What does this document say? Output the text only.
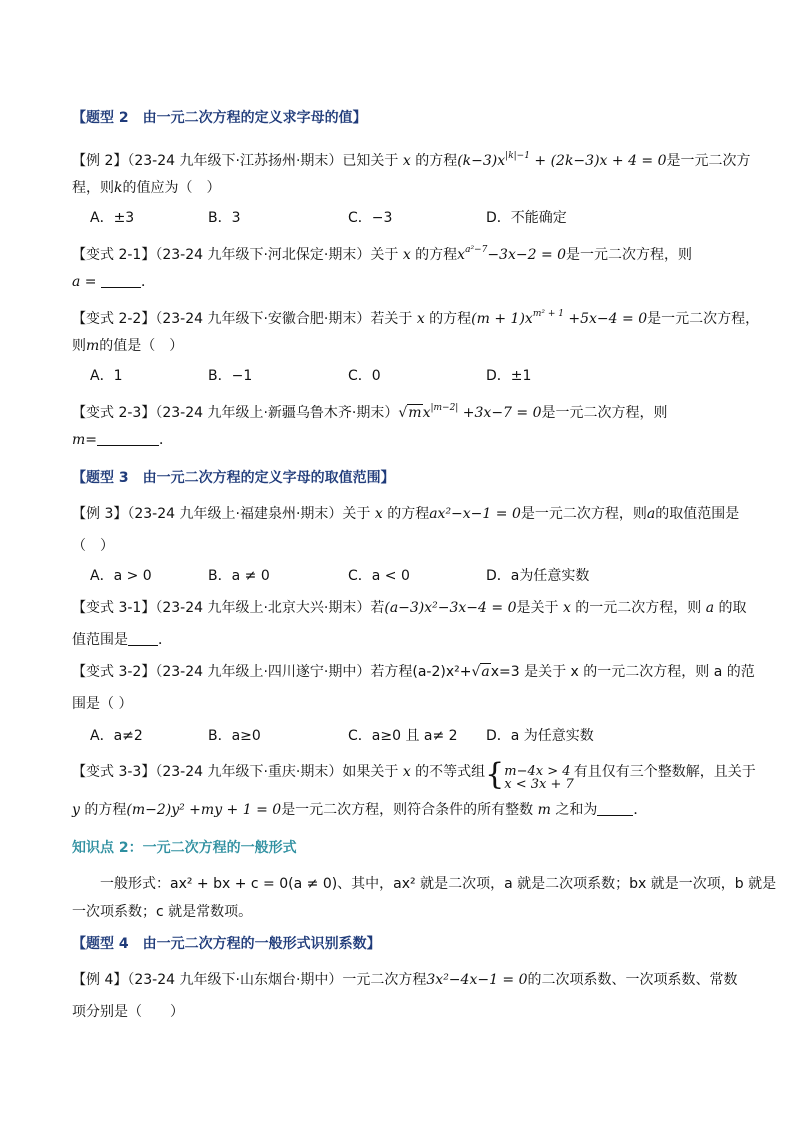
【题型 2　由一元二次方程的定义求字母的值】
【例 2】（23-24 九年级下·江苏扬州·期末）已知关于 x 的方程$(k-3)x^{|k|-1} + (2k-3)x + 4 = 0$是一元二次方
程，则k的值应为（　）
A．±3	B．3	C．−3	D．不能确定
【变式 2-1】（23-24 九年级下·河北保定·期末）关于 x 的方程$x^{a^2-7}-3x-2 = 0$是一元二次方程，则
a =	．
【变式 2-2】（23-24 九年级下·安徽合肥·期末）若关于 x 的方程$(m + 1)x^{m^2 + 1} +5x-4 = 0$是一元二次方程，
则m的值是（　）
A．1	B．−1	C．0	D．±1
【变式 2-3】（23-24 九年级上·新疆乌鲁木齐·期末）$√mx^{|m-2|} +3x-7 = 0$是一元二次方程，则
m=	．
【题型 3　由一元二次方程的定义字母的取值范围】
【例 3】（23-24 九年级上·福建泉州·期末）关于 x 的方程ax²−x−1 = 0是一元二次方程，则a的取值范围是
（　）
A．a > 0	B．a ≠ 0	C．a < 0	D．a为任意实数
【变式 3-1】（23-24 九年级上·北京大兴·期末）若(a−3)x²−3x−4 = 0是关于 x 的一元二次方程，则 a 的取
值范围是 ．
【变式 3-2】（23-24 九年级上·四川遂宁·期中）若方程(a-2)x²+√ax=3 是关于 x 的一元二次方程，则 a 的范
围是（ ）
A．a≠2	B．a≥0	C．a≥0 且 a≠ 2 D．a 为任意实数
【变式 3-3】（23-24 九年级下·重庆·期末）如果关于 x 的不等式组{ m−4x > 4
x < 3x + 7
有且仅有三个整数解，且关于
y 的方程(m−2)y² +my + 1 = 0是一元二次方程，则符合条件的所有整数 m 之和为	．
知识点 2：一元二次方程的一般形式
一般形式：ax² + bx + c = 0(a ≠ 0)、其中，ax² 就是二次项，a 就是二次项系数；bx 就是一次项，b 就是
一次项系数；c 就是常数项。
【题型 4　由一元二次方程的一般形式识别系数】
【例 4】（23-24 九年级下·山东烟台·期中）一元二次方程3x²−4x−1 = 0的二次项系数、一次项系数、常数
项分别是（　　）
